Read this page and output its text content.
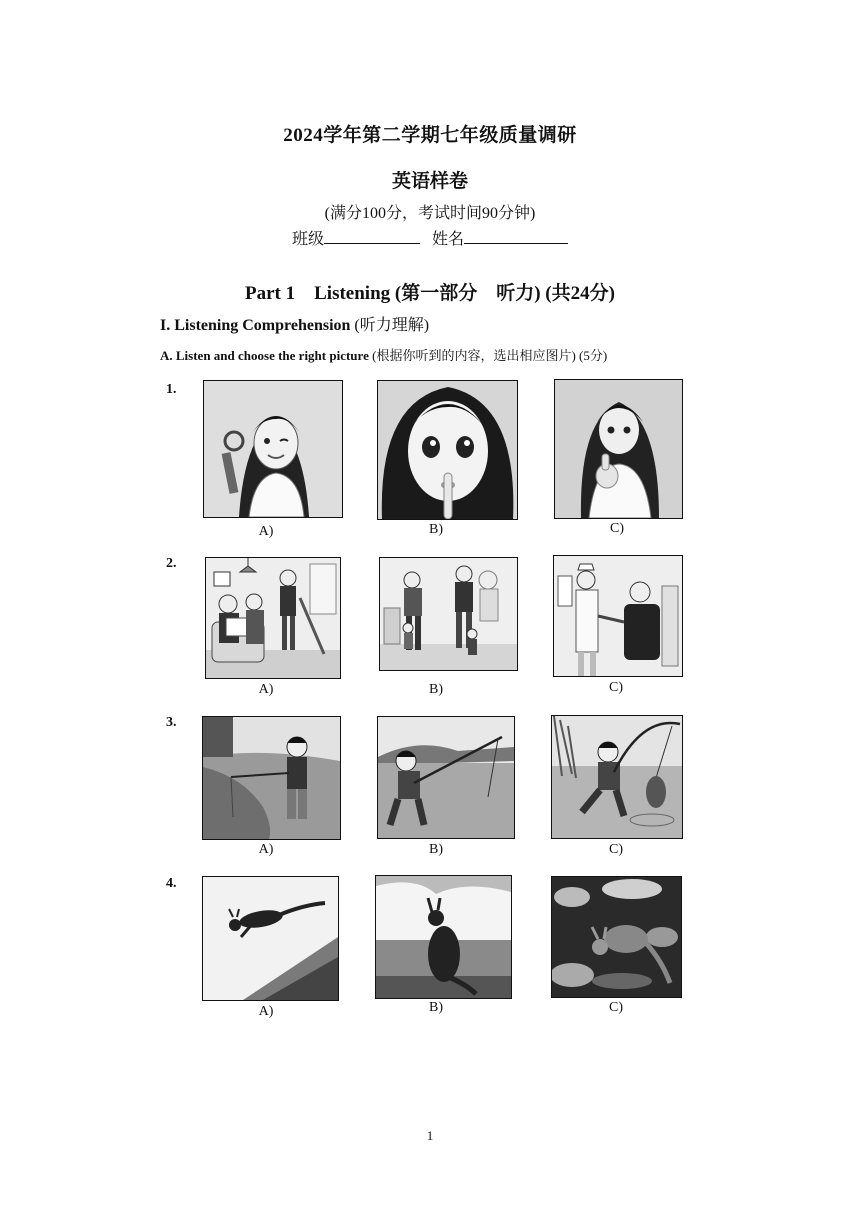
2024学年第二学期七年级质量调研
英语样卷
(满分100分，考试时间90分钟)
班级	姓名
Part 1    Listening (第一部分    听力) (共24分)
I. Listening Comprehension (听力理解)
A. Listen and choose the right picture (根据你听到的内容，选出相应图片) (5分)
1.
A)	B)	C)
2.
A)	B)	C)
3.
A)	B)	C)
4.
A)	B)	C)
1
